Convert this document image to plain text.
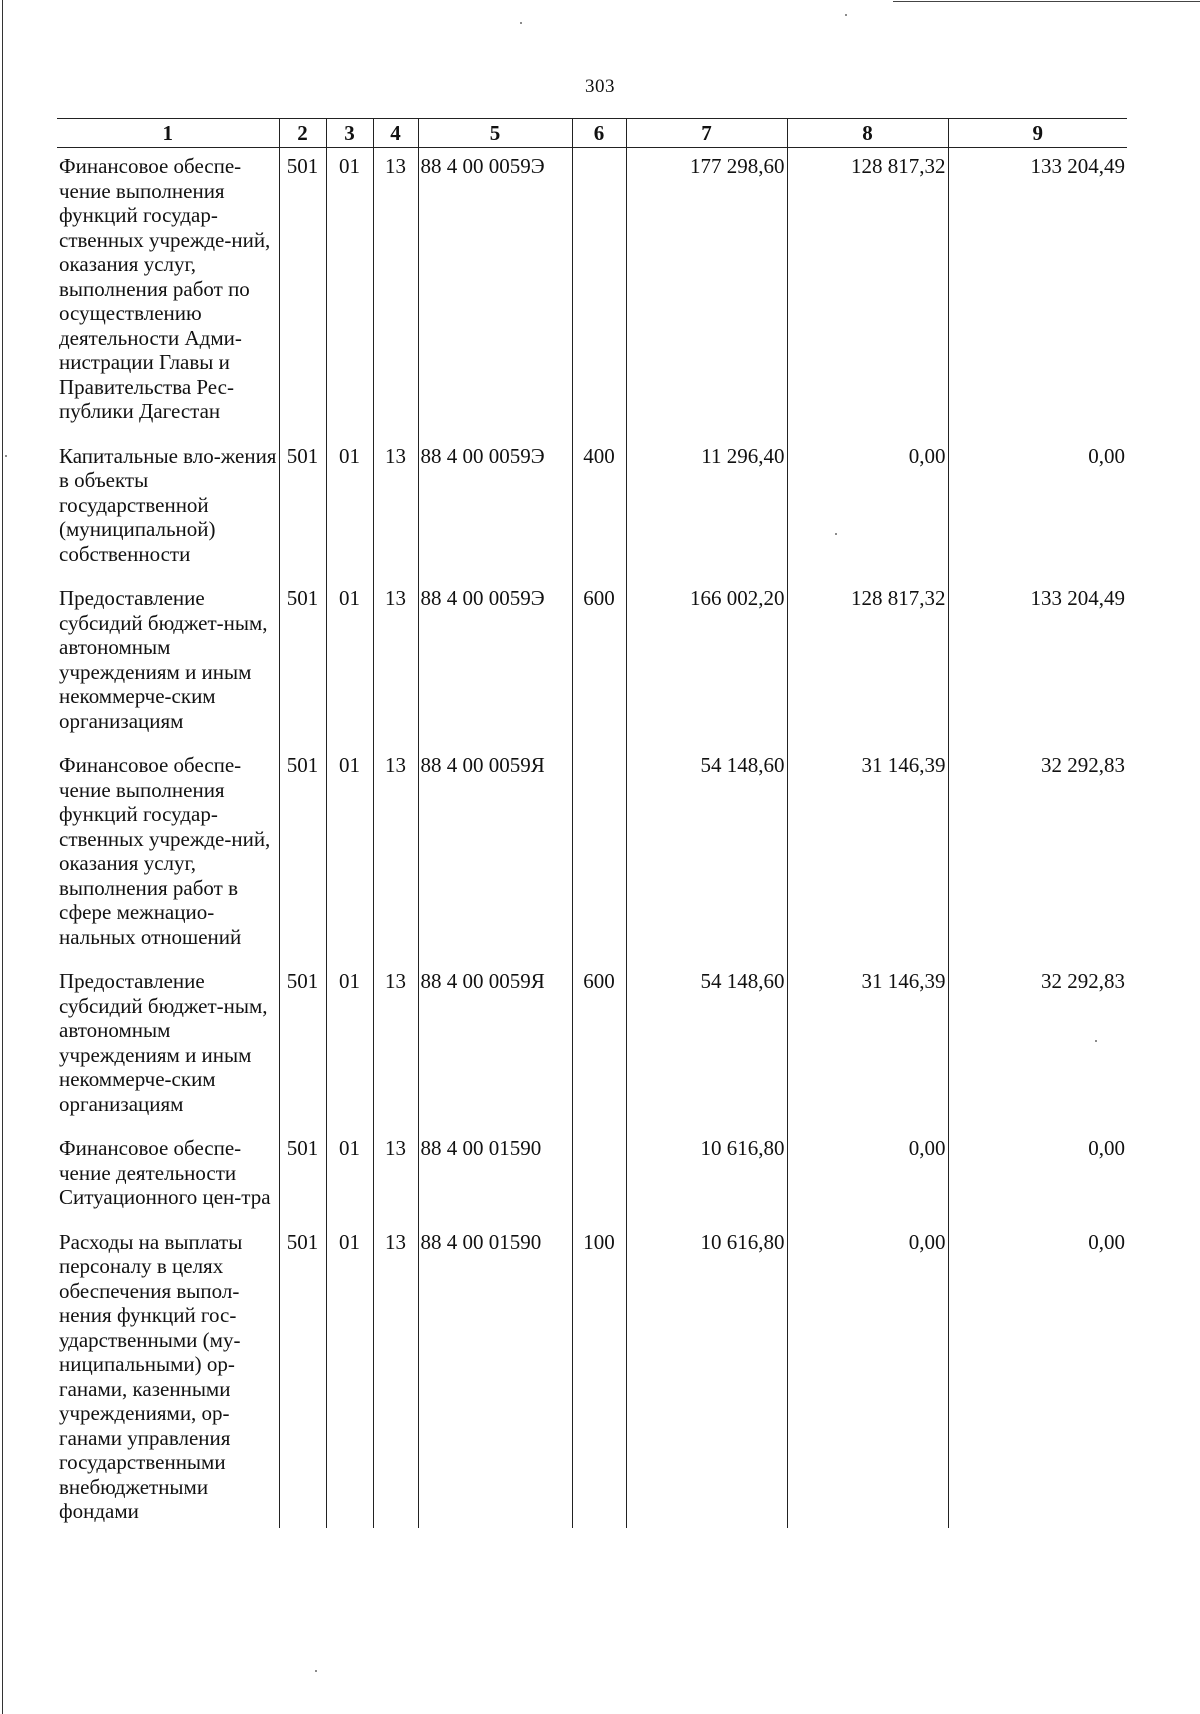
303
1	2	3	4	5	6	7	8	9
Финансовое обеспе-чение выполнения функций государ-ственных учрежде-ний, оказания услуг, выполнения работ по осуществлению деятельности Адми-нистрации Главы и Правительства Рес-публики Дагестан	501	01	13	88 4 00 0059Э		177 298,60	128 817,32	133 204,49
Капитальные вло-жения в объекты государственной (муниципальной) собственности	501	01	13	88 4 00 0059Э	400	11 296,40	0,00	0,00
Предоставление субсидий бюджет-ным, автономным учреждениям и иным некоммерче-ским организациям	501	01	13	88 4 00 0059Э	600	166 002,20	128 817,32	133 204,49
Финансовое обеспе-чение выполнения функций государ-ственных учрежде-ний, оказания услуг, выполнения работ в сфере межнацио-нальных отношений	501	01	13	88 4 00 0059Я		54 148,60	31 146,39	32 292,83
Предоставление субсидий бюджет-ным, автономным учреждениям и иным некоммерче-ским организациям	501	01	13	88 4 00 0059Я	600	54 148,60	31 146,39	32 292,83
Финансовое обеспе-чение деятельности Ситуационного цен-тра	501	01	13	88 4 00 01590		10 616,80	0,00	0,00
Расходы на выплаты персоналу в целях обеспечения выпол-нения функций гос-ударственными (му-ниципальными) ор-ганами, казенными учреждениями, ор-ганами управления государственными внебюджетными фондами	501	01	13	88 4 00 01590	100	10 616,80	0,00	0,00
